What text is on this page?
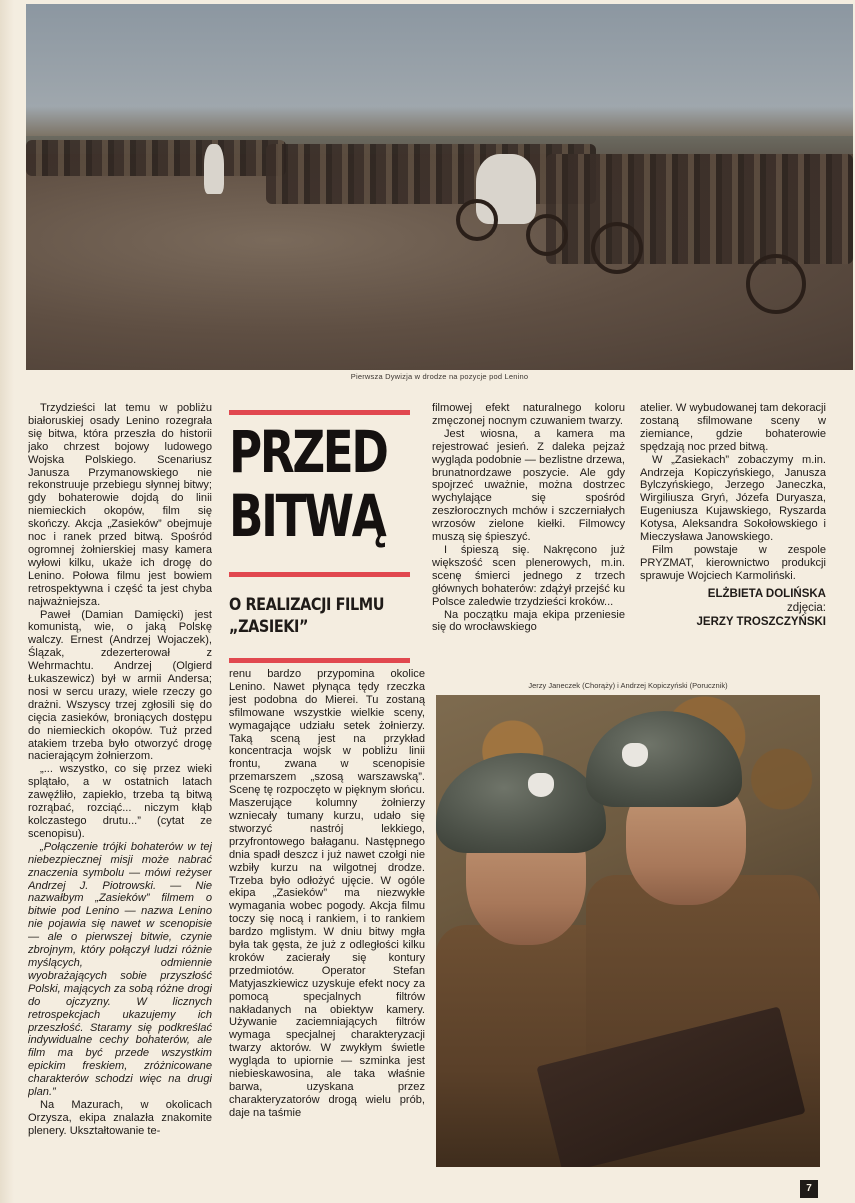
Pierwsza Dywizja w drodze na pozycje pod Lenino

Trzydzieści lat temu w pobliżu białoruskiej osady Lenino rozegrała się bitwa, która przeszła do historii jako chrzest bojowy ludowego Wojska Polskiego. Scenariusz Janusza Przymanowskiego nie rekonstruuje przebiegu słynnej bitwy; gdy bohaterowie dojdą do linii niemieckich okopów, film się skończy. Akcja „Zasieków” obejmuje noc i ranek przed bitwą. Spośród ogromnej żołnierskiej masy kamera wyłowi kilku, ukaże ich drogę do Lenino. Połowa filmu jest bowiem retrospektywna i część ta jest chyba najważniejsza.

Paweł (Damian Damięcki) jest komunistą, wie, o jaką Polskę walczy. Ernest (Andrzej Wojaczek), Ślązak, zdezerterował z Wehrmachtu. Andrzej (Olgierd Łukaszewicz) był w armii Andersa; nosi w sercu urazy, wiele rzeczy go drażni. Wszyscy trzej zgłosili się do cięcia zasieków, broniących dostępu do niemieckich okopów. Tuż przed atakiem trzeba było otworzyć drogę nacierającym żołnierzom.

„... wszystko, co się przez wieki splątało, a w ostatnich latach zawęźliło, zapiekło, trzeba tą bitwą rozrąbać, rozciąć... niczym kłąb kolczastego drutu...” (cytat ze scenopisu).

„Połączenie trójki bohaterów w tej niebezpiecznej misji może nabrać znaczenia symbolu — mówi reżyser Andrzej J. Piotrowski. — Nie nazwałbym „Zasieków” filmem o bitwie pod Lenino — nazwa Lenino nie pojawia się nawet w scenopisie — ale o pierwszej bitwie, czynie zbrojnym, który połączył ludzi różnie myślących, odmiennie wyobrażających sobie przyszłość Polski, mających za sobą różne drogi do ojczyzny. W licznych retrospekcjach ukazujemy ich przeszłość. Staramy się podkreślać indywidualne cechy bohaterów, ale film ma być przede wszystkim epickim freskiem, zróżnicowane charakterów schodzi więc na drugi plan.”

Na Mazurach, w okolicach Orzysza, ekipa znalazła znakomite plenery. Ukształtowanie te-

PRZED
BITWĄ
O REALIZACJI FILMU
„ZASIEKI”

renu bardzo przypomina okolice Lenino. Nawet płynąca tędy rzeczka jest podobna do Mierei. Tu zostaną sfilmowane wszystkie wielkie sceny, wymagające udziału setek żołnierzy. Taką sceną jest na przykład koncentracja wojsk w pobliżu linii frontu, zwana w scenopisie przemarszem „szosą warszawską”. Scenę tę rozpoczęto w pięknym słońcu. Maszerujące kolumny żołnierzy wzniecały tumany kurzu, udało się stworzyć nastrój lekkiego, przyfrontowego bałaganu. Następnego dnia spadł deszcz i już nawet czołgi nie wzbiły kurzu na wilgotnej drodze. Trzeba było odłożyć ujęcie. W ogóle ekipa „Zasieków” ma niezwykłe wymagania wobec pogody. Akcja filmu toczy się nocą i rankiem, i to rankiem bardzo mglistym. W dniu bitwy mgła była tak gęsta, że już z odległości kilku kroków zacierały się kontury przedmiotów. Operator Stefan Matyjaszkiewicz uzyskuje efekt nocy za pomocą specjalnych filtrów nakładanych na obiektyw kamery. Używanie zaciemniających filtrów wymaga specjalnej charakteryzacji twarzy aktorów. W zwykłym świetle wygląda to upiornie — szminka jest niebieskawosina, ale taka właśnie barwa, uzyskana przez charakteryzatorów drogą wielu prób, daje na taśmie

filmowej efekt naturalnego koloru zmęczonej nocnym czuwaniem twarzy.

Jest wiosna, a kamera ma rejestrować jesień. Z daleka pejzaż wygląda podobnie — bezlistne drzewa, brunatnordzawe poszycie. Ale gdy spojrzeć uważnie, można dostrzec wychylające się spośród zeszłorocznych mchów i szczerniałych wrzosów zielone kiełki. Filmowcy muszą się śpieszyć.

I śpieszą się. Nakręcono już większość scen plenerowych, m.in. scenę śmierci jednego z trzech głównych bohaterów: zdążył przejść ku Polsce zaledwie trzydzieści kroków...

Na początku maja ekipa przeniesie się do wrocławskiego

atelier. W wybudowanej tam dekoracji zostaną sfilmowane sceny w ziemiance, gdzie bohaterowie spędzają noc przed bitwą.

W „Zasiekach” zobaczymy m.in. Andrzeja Kopiczyńskiego, Janusza Bylczyńskiego, Jerzego Janeczka, Wirgiliusza Gryń, Józefa Duryasza, Eugeniusza Kujawskiego, Ryszarda Kotysa, Aleksandra Sokołowskiego i Mieczysława Janowskiego.

Film powstaje w zespole PRYZMAT, kierownictwo produkcji sprawuje Wojciech Karmoliński.

ELŻBIETA DOLIŃSKA
zdjęcia:
JERZY TROSZCZYŃSKI
Jerzy Janeczek (Chorąży) i Andrzej Kopiczyński (Porucznik)
7
